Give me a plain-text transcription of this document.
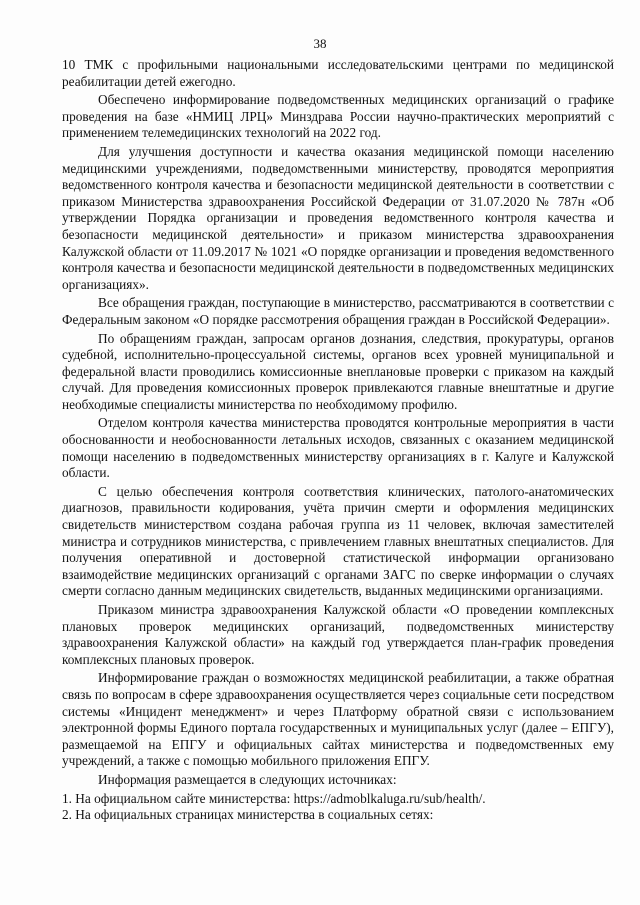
38

10 ТМК с профильными национальными исследовательскими центрами по медицинской реабилитации детей ежегодно.

Обеспечено информирование подведомственных медицинских организаций о графике проведения на базе «НМИЦ ЛРЦ» Минздрава России научно-практических мероприятий с применением телемедицинских технологий на 2022 год.

Для улучшения доступности и качества оказания медицинской помощи населению медицинскими учреждениями, подведомственными министерству, проводятся мероприятия ведомственного контроля качества и безопасности медицинской деятельности в соответствии с приказом Министерства здравоохранения Российской Федерации от 31.07.2020 № 787н «Об утверждении Порядка организации и проведения ведомственного контроля качества и безопасности медицинской деятельности» и приказом министерства здравоохранения Калужской области от 11.09.2017 № 1021 «О порядке организации и проведения ведомственного контроля качества и безопасности медицинской деятельности в подведомственных медицинских организациях».

Все обращения граждан, поступающие в министерство, рассматриваются в соответствии с Федеральным законом «О порядке рассмотрения обращения граждан в Российской Федерации».

По обращениям граждан, запросам органов дознания, следствия, прокуратуры, органов судебной, исполнительно-процессуальной системы, органов всех уровней муниципальной и федеральной власти проводились комиссионные внеплановые проверки с приказом на каждый случай. Для проведения комиссионных проверок привлекаются главные внештатные и другие необходимые специалисты министерства по необходимому профилю.

Отделом контроля качества министерства проводятся контрольные мероприятия в части обоснованности и необоснованности летальных исходов, связанных с оказанием медицинской помощи населению в подведомственных министерству организациях в г. Калуге и Калужской области.

С целью обеспечения контроля соответствия клинических, патолого-анатомических диагнозов, правильности кодирования, учёта причин смерти и оформления медицинских свидетельств министерством создана рабочая группа из 11 человек, включая заместителей министра и сотрудников министерства, с привлечением главных внештатных специалистов. Для получения оперативной и достоверной статистической информации организовано взаимодействие медицинских организаций с органами ЗАГС по сверке информации о случаях смерти согласно данным медицинских свидетельств, выданных медицинскими организациями.

Приказом министра здравоохранения Калужской области «О проведении комплексных плановых проверок медицинских организаций, подведомственных министерству здравоохранения Калужской области» на каждый год утверждается план-график проведения комплексных плановых проверок.

Информирование граждан о возможностях медицинской реабилитации, а также обратная связь по вопросам в сфере здравоохранения осуществляется через социальные сети посредством системы «Инцидент менеджмент» и через Платформу обратной связи с использованием электронной формы Единого портала государственных и муниципальных услуг (далее – ЕПГУ), размещаемой на ЕПГУ и официальных сайтах министерства и подведомственных ему учреждений, а также с помощью мобильного приложения ЕПГУ.

Информация размещается в следующих источниках:

1. На официальном сайте министерства: https://admoblkaluga.ru/sub/health/.
2. На официальных страницах министерства в социальных сетях:
